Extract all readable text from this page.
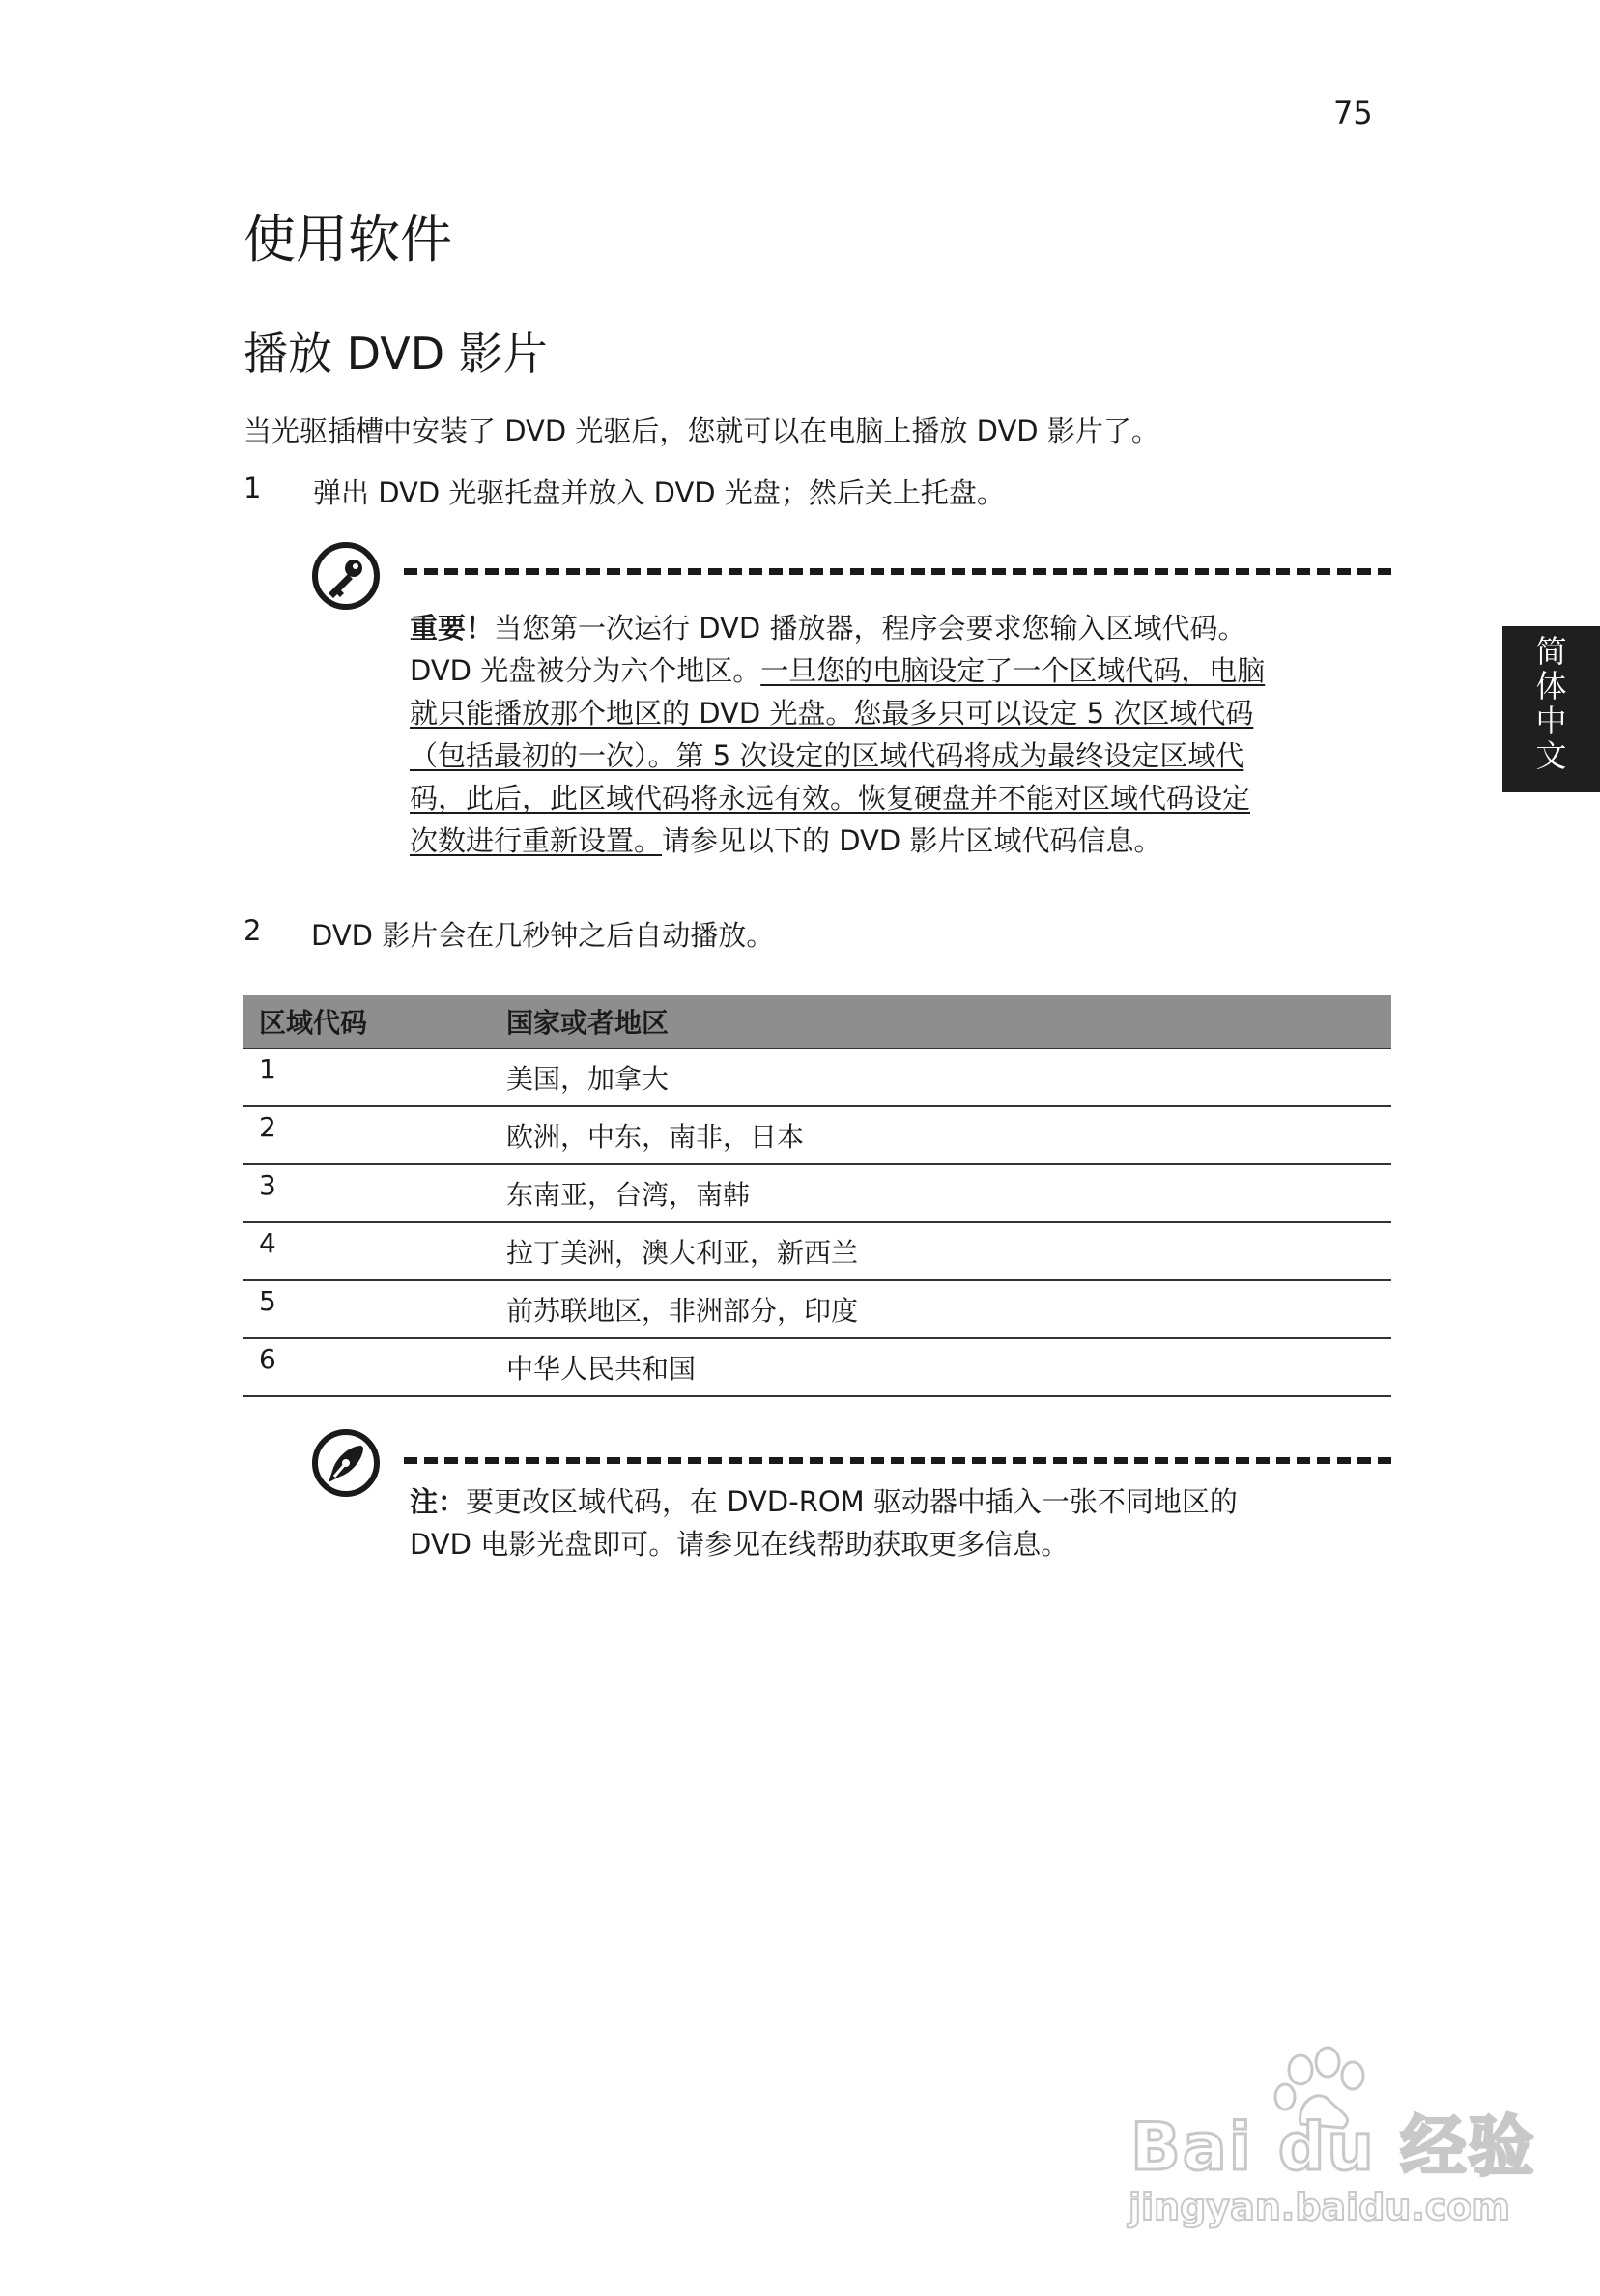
75
简
体
中
文
使用软件
播放 DVD 影片
当光驱插槽中安装了 DVD 光驱后，您就可以在电脑上播放 DVD 影片了。
1 弹出 DVD 光驱托盘并放入 DVD 光盘；然后关上托盘。
重要！当您第一次运行 DVD 播放器，程序会要求您输入区域代码。
DVD 光盘被分为六个地区。一旦您的电脑设定了一个区域代码，电脑
就只能播放那个地区的 DVD 光盘。您最多只可以设定 5 次区域代码
（包括最初的一次）。第 5 次设定的区域代码将成为最终设定区域代
码，此后，此区域代码将永远有效。恢复硬盘并不能对区域代码设定
次数进行重新设置。请参见以下的 DVD 影片区域代码信息。
2 DVD 影片会在几秒钟之后自动播放。
区域代码	国家或者地区
1	美国，加拿大
2	欧洲，中东，南非，日本
3	东南亚，台湾，南韩
4	拉丁美洲，澳大利亚，新西兰
5	前苏联地区，非洲部分，印度
6	中华人民共和国
注：要更改区域代码，在 DVD-ROM 驱动器中插入一张不同地区的
DVD 电影光盘即可。请参见在线帮助获取更多信息。
Bai du 经验
jingyan.baidu.com
